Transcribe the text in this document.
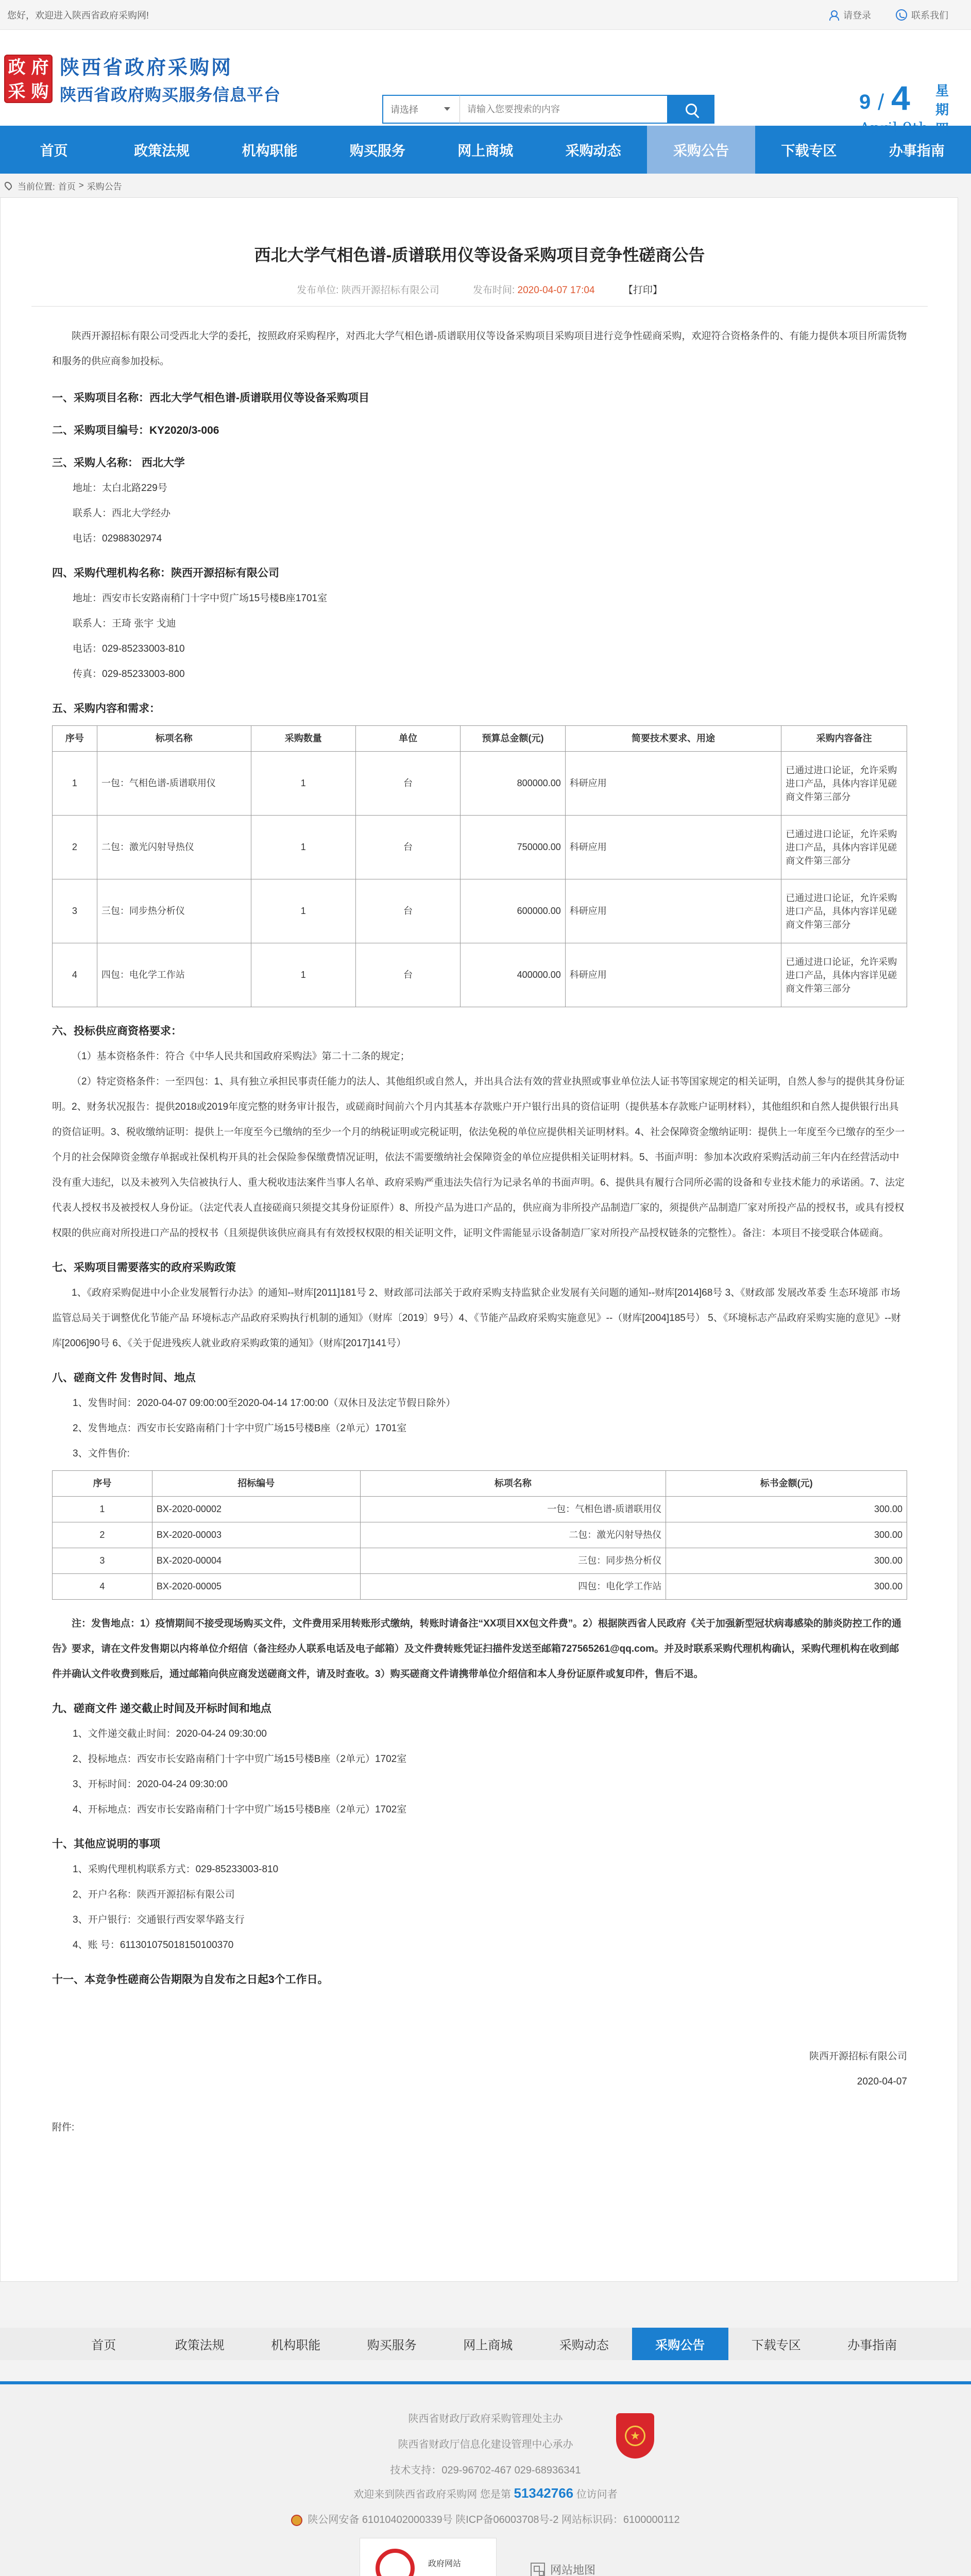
您好，欢迎进入陕西省政府采购网!	请登录	联系我们
政 府
采 购
陕西省政府采购网
陕西省政府购买服务信息平台
请选择
请输入您要搜索的内容	9 / 4
April 9th
星
期
四
首页	政策法规	机构职能	购买服务	网上商城	采购动态	采购公告	下载专区	办事指南
当前位置: 首页 > 采购公告
西北大学气相色谱-质谱联用仪等设备采购项目竞争性磋商公告
发布单位: 陕西开源招标有限公司	发布时间: 2020-04-07 17:04	【打印】
陕西开源招标有限公司受西北大学的委托，按照政府采购程序，对西北大学气相色谱-质谱联用仪等设备采购项目采购项目进行竞争性磋商采购，欢迎符合资格条件的、有能力提供本项目所需货物和服务的供应商参加投标。
一、采购项目名称：西北大学气相色谱-质谱联用仪等设备采购项目
二、采购项目编号：KY2020/3-006
三、采购人名称： 西北大学
地址：太白北路229号
联系人：西北大学经办
电话：02988302974
四、采购代理机构名称：陕西开源招标有限公司
地址：西安市长安路南稍门十字中贸广场15号楼B座1701室
联系人：王琦 张宇 戈迪
电话：029-85233003-810
传真：029-85233003-800
五、采购内容和需求：
序号	标项名称	采购数量	单位	预算总金额(元)	简要技术要求、用途	采购内容备注
1	一包：气相色谱-质谱联用仪	1	台	800000.00	科研应用	已通过进口论证，允许采购进口产品，具体内容详见磋商文件第三部分
2	二包：激光闪射导热仪	1	台	750000.00	科研应用	已通过进口论证，允许采购进口产品，具体内容详见磋商文件第三部分
3	三包：同步热分析仪	1	台	600000.00	科研应用	已通过进口论证，允许采购进口产品，具体内容详见磋商文件第三部分
4	四包：电化学工作站	1	台	400000.00	科研应用	已通过进口论证，允许采购进口产品，具体内容详见磋商文件第三部分
六、投标供应商资格要求：
（1）基本资格条件：符合《中华人民共和国政府采购法》第二十二条的规定；
（2）特定资格条件：一至四包：1、具有独立承担民事责任能力的法人、其他组织或自然人，并出具合法有效的营业执照或事业单位法人证书等国家规定的相关证明，自然人参与的提供其身份证明。2、财务状况报告：提供2018或2019年度完整的财务审计报告，或磋商时间前六个月内其基本存款账户开户银行出具的资信证明（提供基本存款账户证明材料），其他组织和自然人提供银行出具的资信证明。3、税收缴纳证明：提供上一年度至今已缴纳的至少一个月的纳税证明或完税证明，依法免税的单位应提供相关证明材料。4、社会保障资金缴纳证明：提供上一年度至今已缴存的至少一个月的社会保障资金缴存单据或社保机构开具的社会保险参保缴费情况证明，依法不需要缴纳社会保障资金的单位应提供相关证明材料。5、书面声明：参加本次政府采购活动前三年内在经营活动中没有重大违纪，以及未被列入失信被执行人、重大税收违法案件当事人名单、政府采购严重违法失信行为记录名单的书面声明。6、提供具有履行合同所必需的设备和专业技术能力的承诺函。7、法定代表人授权书及被授权人身份证。（法定代表人直接磋商只须提交其身份证原件）8、所投产品为进口产品的，供应商为非所投产品制造厂家的，须提供产品制造厂家对所投产品的授权书，或具有授权权限的供应商对所投进口产品的授权书（且须提供该供应商具有有效授权权限的相关证明文件，证明文件需能显示设备制造厂家对所投产品授权链条的完整性）。备注：本项目不接受联合体磋商。
七、采购项目需要落实的政府采购政策
1、《政府采购促进中小企业发展暂行办法》的通知--财库[2011]181号 2、财政部司法部关于政府采购支持监狱企业发展有关问题的通知--财库[2014]68号 3、《财政部 发展改革委 生态环境部 市场监管总局关于调整优化节能产品 环境标志产品政府采购执行机制的通知》（财库〔2019〕9号）4、《节能产品政府采购实施意见》--（财库[2004]185号） 5、《环境标志产品政府采购实施的意见》--财库[2006]90号 6、《关于促进残疾人就业政府采购政策的通知》（财库[2017]141号）
八、磋商文件 发售时间、地点
1、发售时间：2020-04-07 09:00:00至2020-04-14 17:00:00（双休日及法定节假日除外）
2、发售地点：西安市长安路南稍门十字中贸广场15号楼B座（2单元）1701室
3、文件售价:
序号	招标编号	标项名称	标书金额(元)
1	BX-2020-00002	一包：气相色谱-质谱联用仪	300.00
2	BX-2020-00003	二包：激光闪射导热仪	300.00
3	BX-2020-00004	三包：同步热分析仪	300.00
4	BX-2020-00005	四包：电化学工作站	300.00
注：发售地点：1）疫情期间不接受现场购买文件，文件费用采用转账形式缴纳，转账时请备注“XX项目XX包文件费”。2）根据陕西省人民政府《关于加强新型冠状病毒感染的肺炎防控工作的通告》要求，请在文件发售期以内将单位介绍信（备注经办人联系电话及电子邮箱）及文件费转账凭证扫描件发送至邮箱727565261@qq.com。并及时联系采购代理机构确认，采购代理机构在收到邮件并确认文件收费到账后，通过邮箱向供应商发送磋商文件，请及时查收。3）购买磋商文件请携带单位介绍信和本人身份证原件或复印件，售后不退。
九、磋商文件 递交截止时间及开标时间和地点
1、文件递交截止时间：2020-04-24 09:30:00
2、投标地点：西安市长安路南稍门十字中贸广场15号楼B座（2单元）1702室
3、开标时间：2020-04-24 09:30:00
4、开标地点：西安市长安路南稍门十字中贸广场15号楼B座（2单元）1702室
十、其他应说明的事项
1、采购代理机构联系方式：029-85233003-810
2、开户名称：陕西开源招标有限公司
3、开户银行：交通银行西安翠华路支行
4、账 号：611301075018150100370
十一、本竞争性磋商公告期限为自发布之日起3个工作日。
陕西开源招标有限公司
2020-04-07
附件:
首页	政策法规	机构职能	购买服务	网上商城	采购动态	采购公告	下载专区	办事指南
陕西省财政厅政府采购管理处主办
陕西省财政厅信息化建设管理中心承办
技术支持：029-96702-467 029-68936341
欢迎来到陕西省政府采购网 您是第 51342766 位访问者
陕公网安备 61010402000339号 陕ICP备06003708号-2 网站标识码：6100000112
★
政府网站	网站地图
